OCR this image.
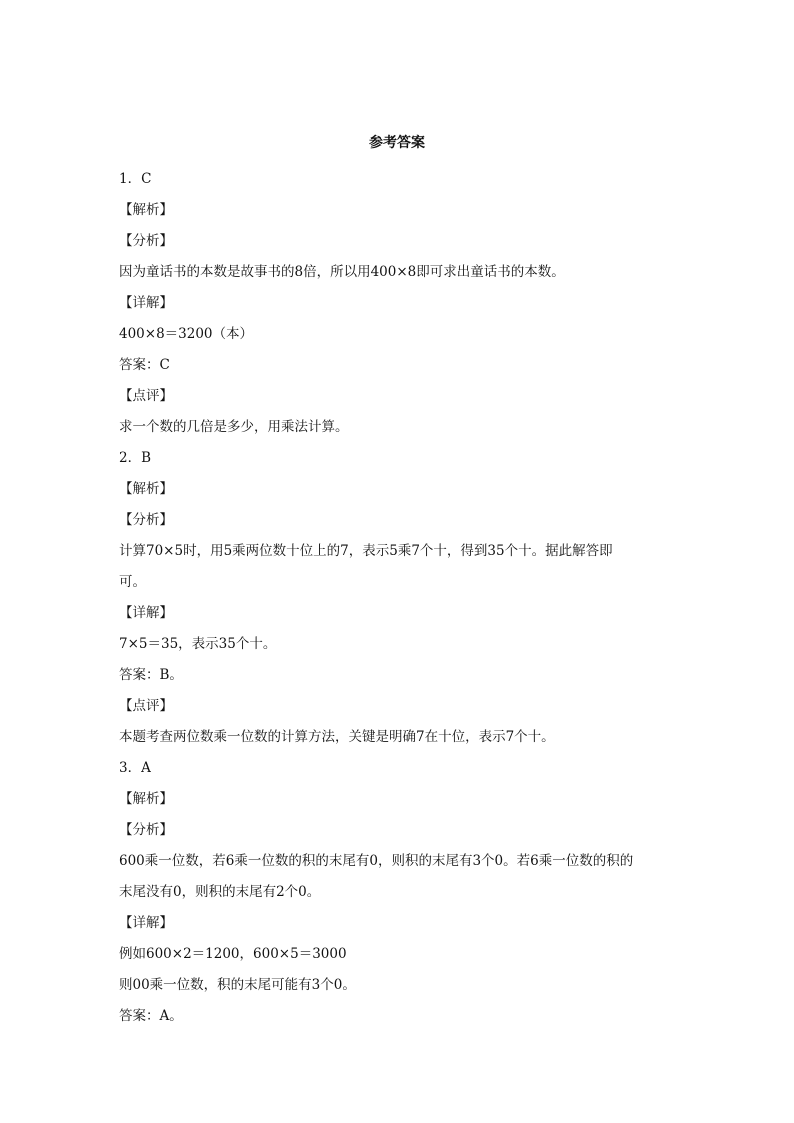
参考答案
1．C
【解析】
【分析】
因为童话书的本数是故事书的8倍，所以用400×8即可求出童话书的本数。
【详解】
400×8＝3200（本）
答案：C
【点评】
求一个数的几倍是多少，用乘法计算。
2．B
【解析】
【分析】
计算70×5时，用5乘两位数十位上的7，表示5乘7个十，得到35个十。据此解答即
可。
【详解】
7×5＝35，表示35个十。
答案：B。
【点评】
本题考查两位数乘一位数的计算方法，关键是明确7在十位，表示7个十。
3．A
【解析】
【分析】
600乘一位数，若6乘一位数的积的末尾有0，则积的末尾有3个0。若6乘一位数的积的
末尾没有0，则积的末尾有2个0。
【详解】
例如600×2＝1200，600×5＝3000
则00乘一位数，积的末尾可能有3个0。
答案：A。
